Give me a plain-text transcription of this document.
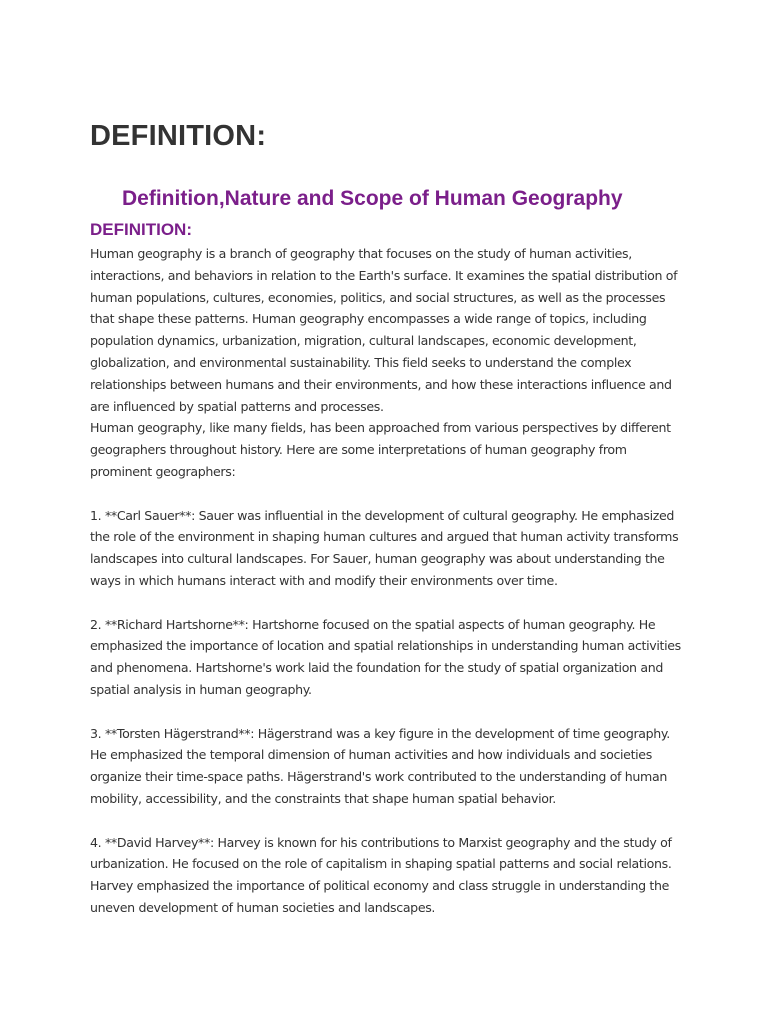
DEFINITION:
Definition,Nature and Scope of Human Geography
DEFINITION:

Human geography is a branch of geography that focuses on the study of human activities, interactions, and behaviors in relation to the Earth's surface. It examines the spatial distribution of human populations, cultures, economies, politics, and social structures, as well as the processes that shape these patterns. Human geography encompasses a wide range of topics, including population dynamics, urbanization, migration, cultural landscapes, economic development, globalization, and environmental sustainability. This field seeks to understand the complex relationships between humans and their environments, and how these interactions influence and are influenced by spatial patterns and processes.

Human geography, like many fields, has been approached from various perspectives by different geographers throughout history. Here are some interpretations of human geography from prominent geographers:

1. **Carl Sauer**: Sauer was influential in the development of cultural geography. He emphasized the role of the environment in shaping human cultures and argued that human activity transforms landscapes into cultural landscapes. For Sauer, human geography was about understanding the ways in which humans interact with and modify their environments over time.

2. **Richard Hartshorne**: Hartshorne focused on the spatial aspects of human geography. He emphasized the importance of location and spatial relationships in understanding human activities and phenomena. Hartshorne's work laid the foundation for the study of spatial organization and spatial analysis in human geography.

3. **Torsten Hägerstrand**: Hägerstrand was a key figure in the development of time geography. He emphasized the temporal dimension of human activities and how individuals and societies organize their time-space paths. Hägerstrand's work contributed to the understanding of human mobility, accessibility, and the constraints that shape human spatial behavior.

4. **David Harvey**: Harvey is known for his contributions to Marxist geography and the study of urbanization. He focused on the role of capitalism in shaping spatial patterns and social relations. Harvey emphasized the importance of political economy and class struggle in understanding the uneven development of human societies and landscapes.
